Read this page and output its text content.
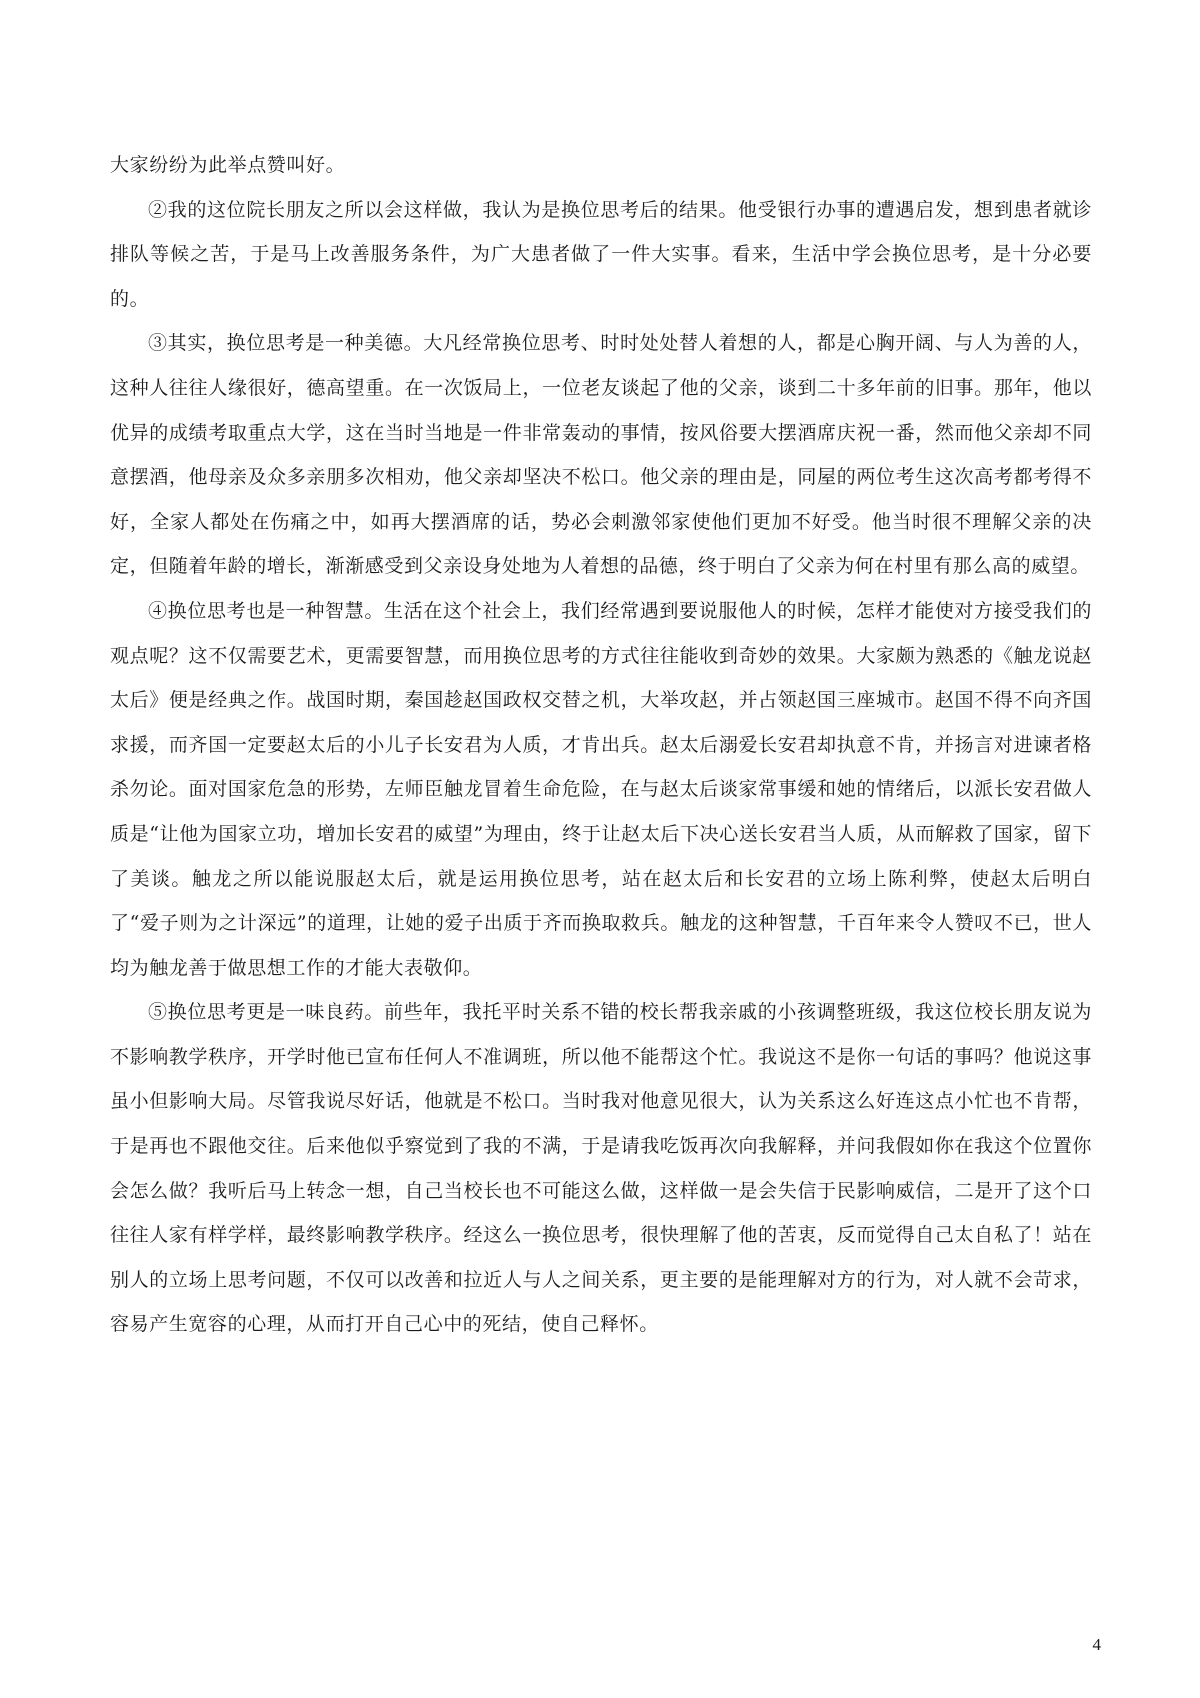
大家纷纷为此举点赞叫好。

②我的这位院长朋友之所以会这样做，我认为是换位思考后的结果。他受银行办事的遭遇启发，想到患者就诊排队等候之苦，于是马上改善服务条件，为广大患者做了一件大实事。看来，生活中学会换位思考，是十分必要的。

③其实，换位思考是一种美德。大凡经常换位思考、时时处处替人着想的人，都是心胸开阔、与人为善的人，这种人往往人缘很好，德高望重。在一次饭局上，一位老友谈起了他的父亲，谈到二十多年前的旧事。那年，他以优异的成绩考取重点大学，这在当时当地是一件非常轰动的事情，按风俗要大摆酒席庆祝一番，然而他父亲却不同意摆酒，他母亲及众多亲朋多次相劝，他父亲却坚决不松口。他父亲的理由是，同屋的两位考生这次高考都考得不好，全家人都处在伤痛之中，如再大摆酒席的话，势必会刺激邻家使他们更加不好受。他当时很不理解父亲的决定，但随着年龄的增长，渐渐感受到父亲设身处地为人着想的品德，终于明白了父亲为何在村里有那么高的威望。

④换位思考也是一种智慧。生活在这个社会上，我们经常遇到要说服他人的时候，怎样才能使对方接受我们的观点呢？这不仅需要艺术，更需要智慧，而用换位思考的方式往往能收到奇妙的效果。大家颇为熟悉的《触龙说赵太后》便是经典之作。战国时期，秦国趁赵国政权交替之机，大举攻赵，并占领赵国三座城市。赵国不得不向齐国求援，而齐国一定要赵太后的小儿子长安君为人质，才肯出兵。赵太后溺爱长安君却执意不肯，并扬言对进谏者格杀勿论。面对国家危急的形势，左师臣触龙冒着生命危险，在与赵太后谈家常事缓和她的情绪后，以派长安君做人质是“让他为国家立功，增加长安君的威望”为理由，终于让赵太后下决心送长安君当人质，从而解救了国家，留下了美谈。触龙之所以能说服赵太后，就是运用换位思考，站在赵太后和长安君的立场上陈利弊，使赵太后明白了“爱子则为之计深远”的道理，让她的爱子出质于齐而换取救兵。触龙的这种智慧，千百年来令人赞叹不已，世人均为触龙善于做思想工作的才能大表敬仰。

⑤换位思考更是一味良药。前些年，我托平时关系不错的校长帮我亲戚的小孩调整班级，我这位校长朋友说为不影响教学秩序，开学时他已宣布任何人不准调班，所以他不能帮这个忙。我说这不是你一句话的事吗？他说这事虽小但影响大局。尽管我说尽好话，他就是不松口。当时我对他意见很大，认为关系这么好连这点小忙也不肯帮，于是再也不跟他交往。后来他似乎察觉到了我的不满，于是请我吃饭再次向我解释，并问我假如你在我这个位置你会怎么做？我听后马上转念一想，自己当校长也不可能这么做，这样做一是会失信于民影响威信，二是开了这个口往往人家有样学样，最终影响教学秩序。经这么一换位思考，很快理解了他的苦衷，反而觉得自己太自私了！站在别人的立场上思考问题，不仅可以改善和拉近人与人之间关系，更主要的是能理解对方的行为，对人就不会苛求，容易产生宽容的心理，从而打开自己心中的死结，使自己释怀。

4
